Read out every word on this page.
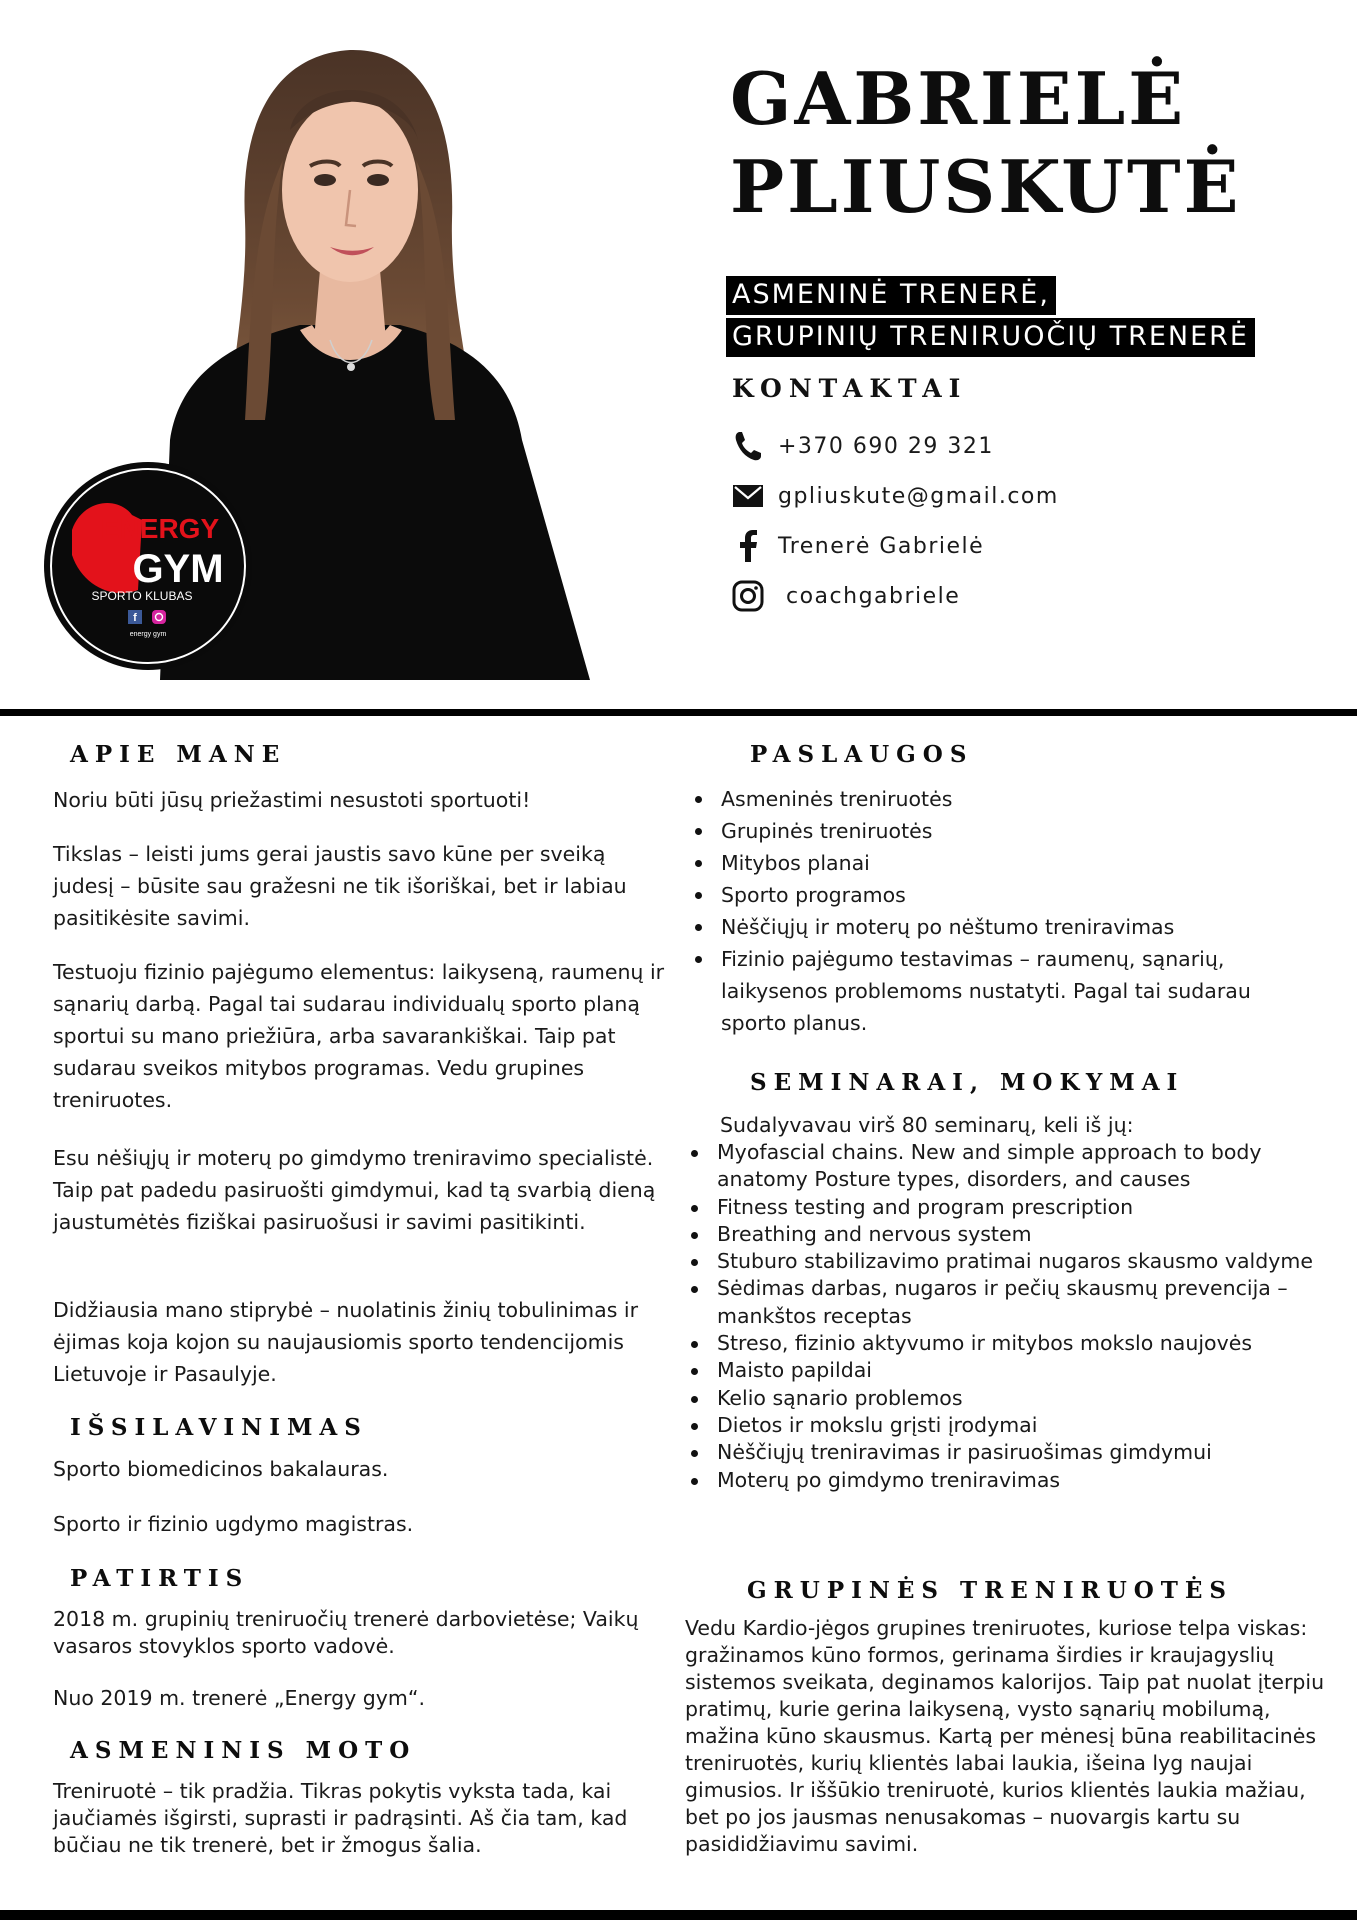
ENERGY
GYM
SPORTO KLUBAS
f
energy gym
GABRIELĖ
PLIUSKUTĖ
ASMENINĖ TRENERĖ,
GRUPINIŲ TRENIRUOČIŲ TRENERĖ
KONTAKTAI
+370 690 29 321
gpliuskute@gmail.com
Trenerė Gabrielė
coachgabriele
APIE MANE
Noriu būti jūsų priežastimi nesustoti sportuoti!
Tikslas – leisti jums gerai jaustis savo kūne per sveiką judesį – būsite sau gražesni ne tik išoriškai, bet ir labiau pasitikėsite savimi.
Testuoju fizinio pajėgumo elementus: laikyseną, raumenų ir sąnarių darbą. Pagal tai sudarau individualų sporto planą sportui su mano priežiūra, arba savarankiškai. Taip pat sudarau sveikos mitybos programas. Vedu grupines treniruotes.
Esu nėšiųjų ir moterų po gimdymo treniravimo specialistė. Taip pat padedu pasiruošti gimdymui, kad tą svarbią dieną jaustumėtės fiziškai pasiruošusi ir savimi pasitikinti.
Didžiausia mano stiprybė – nuolatinis žinių tobulinimas ir ėjimas koja kojon su naujausiomis sporto tendencijomis Lietuvoje ir Pasaulyje.
IŠSILAVINIMAS
Sporto biomedicinos bakalauras.
Sporto ir fizinio ugdymo magistras.
PATIRTIS
2018 m. grupinių treniruočių trenerė darbovietėse; Vaikų vasaros stovyklos sporto vadovė.
Nuo 2019 m. trenerė „Energy gym“.
ASMENINIS MOTO
Treniruotė – tik pradžia. Tikras pokytis vyksta tada, kai jaučiamės išgirsti, suprasti ir padrąsinti. Aš čia tam, kad būčiau ne tik trenerė, bet ir žmogus šalia.
PASLAUGOS
Asmeninės treniruotės
Grupinės treniruotės
Mitybos planai
Sporto programos
Nėščiųjų ir moterų po nėštumo treniravimas
Fizinio pajėgumo testavimas – raumenų, sąnarių, laikysenos problemoms nustatyti. Pagal tai sudarau sporto planus.
SEMINARAI, MOKYMAI
Sudalyvavau virš 80 seminarų, keli iš jų:
Myofascial chains. New and simple approach to body anatomy Posture types, disorders, and causes
Fitness testing and program prescription
Breathing and nervous system
Stuburo stabilizavimo pratimai nugaros skausmo valdyme
Sėdimas darbas, nugaros ir pečių skausmų prevencija – mankštos receptas
Streso, fizinio aktyvumo ir mitybos mokslo naujovės
Maisto papildai
Kelio sąnario problemos
Dietos ir mokslu grįsti įrodymai
Nėščiųjų treniravimas ir pasiruošimas gimdymui
Moterų po gimdymo treniravimas
GRUPINĖS TRENIRUOTĖS
Vedu Kardio-jėgos grupines treniruotes, kuriose telpa viskas: gražinamos kūno formos, gerinama širdies ir kraujagyslių sistemos sveikata, deginamos kalorijos. Taip pat nuolat įterpiu pratimų, kurie gerina laikyseną, vysto sąnarių mobilumą, mažina kūno skausmus. Kartą per mėnesį būna reabilitacinės treniruotės, kurių klientės labai laukia, išeina lyg naujai gimusios. Ir iššūkio treniruotė, kurios klientės laukia mažiau, bet po jos jausmas nenusakomas – nuovargis kartu su pasididžiavimu savimi.
